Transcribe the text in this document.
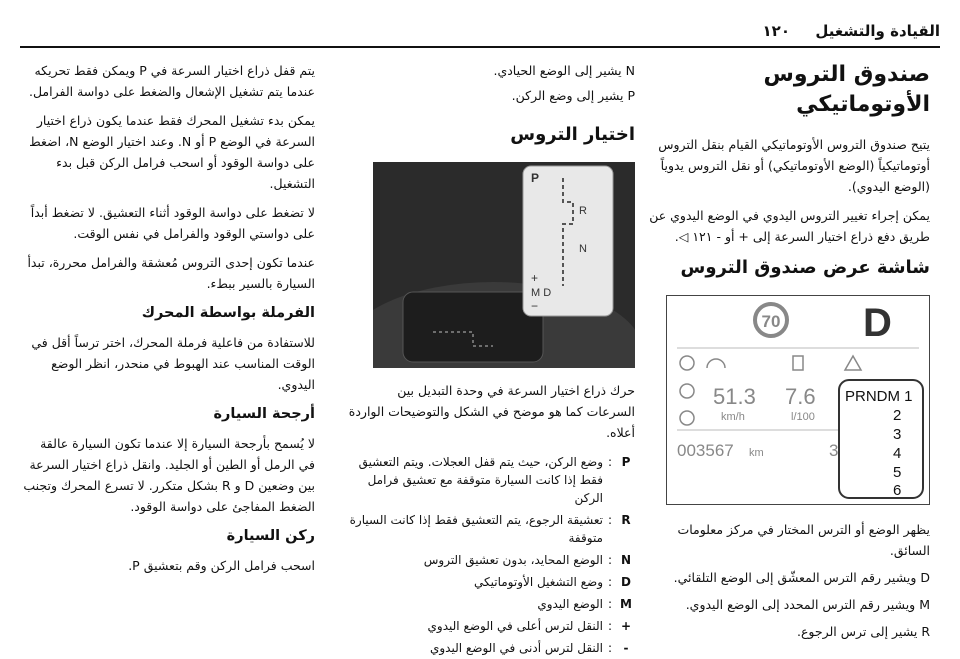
القيادة والتشغيل
١٢٠
صندوق التروس الأوتوماتيكي

يتيح صندوق التروس الأوتوماتيكي القيام بنقل التروس أوتوماتيكياً (الوضع الأوتوماتيكي) أو نقل التروس يدوياً (الوضع اليدوي).

يمكن إجراء تغيير التروس اليدوي في الوضع اليدوي عن طريق دفع ذراع اختيار السرعة إلى + أو - ١٢١ ◁.

شاشة عرض صندوق التروس
70 D
51.3
km/h
7.6
l/100
003567 km	3
PRNDM 1
2
3
4
5
6

يظهر الوضع أو الترس المختار في مركز معلومات السائق.

D ويشير رقم الترس المعشّق إلى الوضع التلقائي.

M ويشير رقم الترس المحدد إلى الوضع اليدوي.

R يشير إلى ترس الرجوع.

N يشير إلى الوضع الحيادي.

P يشير إلى وضع الركن.

اختيار التروس
P
R
N
+
M D
−

حرك ذراع اختيار السرعة في وحدة التبديل بين السرعات كما هو موضح في الشكل والتوضيحات الواردة أعلاه.

P	:	وضع الركن، حيث يتم قفل العجلات. ويتم التعشيق فقط إذا كانت السيارة متوقفة مع تعشيق فرامل الركن
R	:	تعشيقة الرجوع، يتم التعشيق فقط إذا كانت السيارة متوقفة
N	:	الوضع المحايد، بدون تعشيق التروس
D	:	وضع التشغيل الأوتوماتيكي
M	:	الوضع اليدوي
+	:	النقل لترس أعلى في الوضع اليدوي
-	:	النقل لترس أدنى في الوضع اليدوي

يتم قفل ذراع اختيار السرعة في P ويمكن فقط تحريكه عندما يتم تشغيل الإشعال والضغط على دواسة الفرامل.

يمكن بدء تشغيل المحرك فقط عندما يكون ذراع اختيار السرعة في الوضع P أو N. وعند اختيار الوضع N، اضغط على دواسة الوقود أو اسحب فرامل الركن قبل بدء التشغيل.

لا تضغط على دواسة الوقود أثناء التعشيق. لا تضغط أبداً على دواستي الوقود والفرامل في نفس الوقت.

عندما تكون إحدى التروس مُعشقة والفرامل محررة، تبدأ السيارة بالسير ببطء.

الفرملة بواسطة المحرك

للاستفادة من فاعلية فرملة المحرك، اختر ترساً أقل في الوقت المناسب عند الهبوط في منحدر، انظر الوضع اليدوي.

أرجحة السيارة

لا يُسمح بأرجحة السيارة إلا عندما تكون السيارة عالقة في الرمل أو الطين أو الجليد. وانقل ذراع اختيار السرعة بين وضعين D و R بشكل متكرر. لا تسرع المحرك وتجنب الضغط المفاجئ على دواسة الوقود.

ركن السيارة

اسحب فرامل الركن وقم بتعشيق P.
